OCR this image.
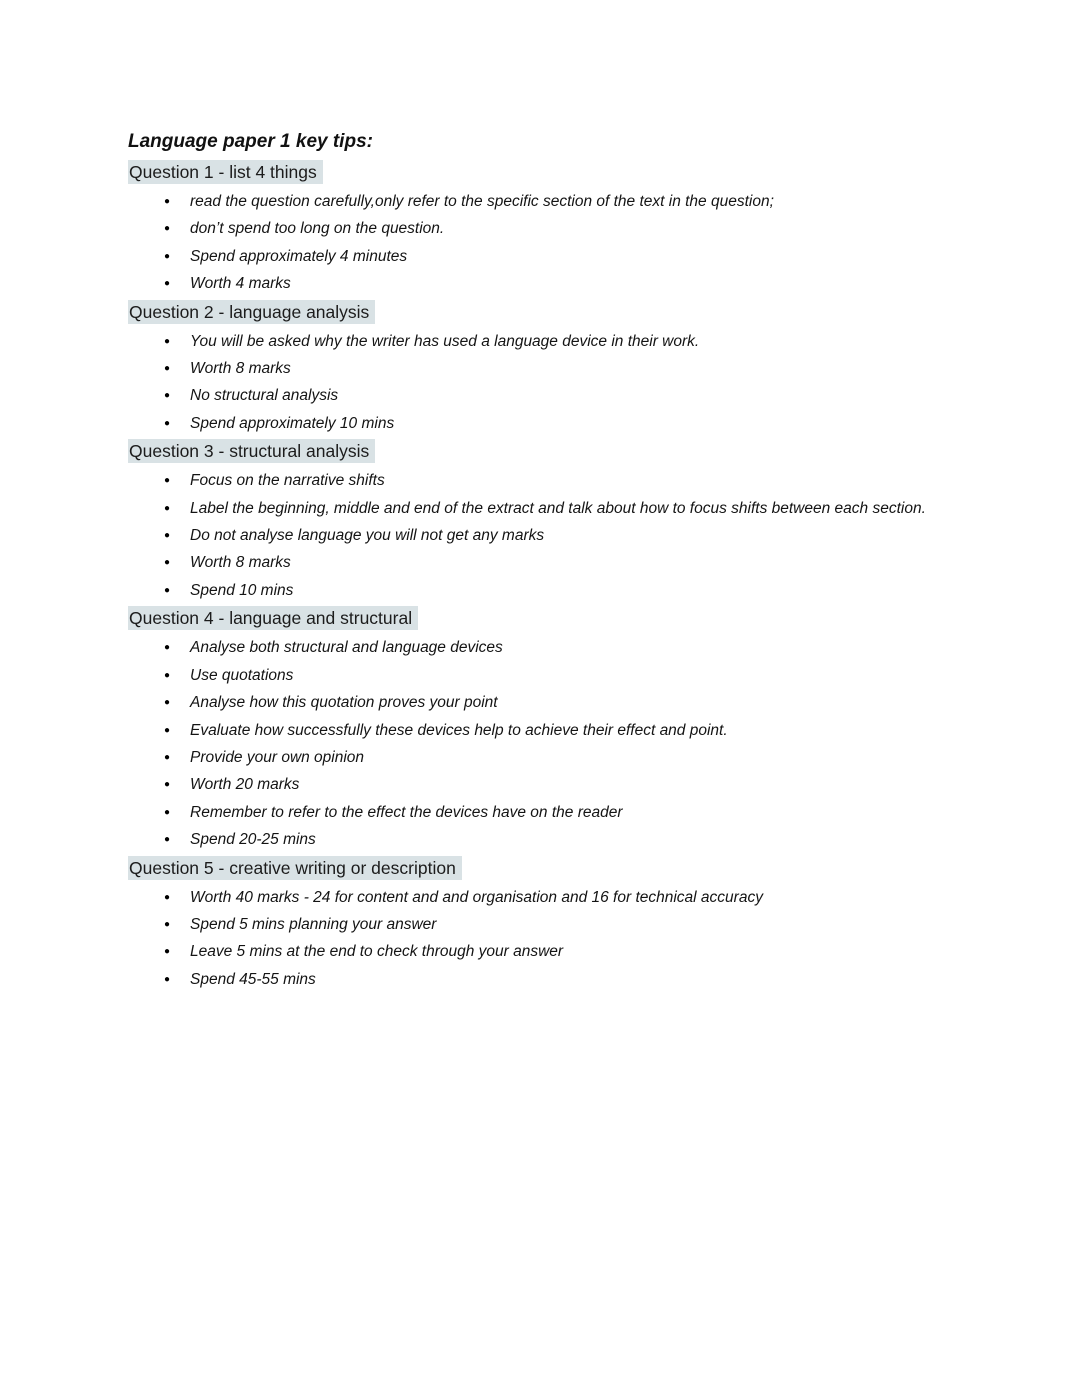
Language paper 1 key tips:
Question 1 - list 4 things
● read the question carefully,only refer to the specific section of the text in the question;
● don’t spend too long on the question.
● Spend approximately 4 minutes
● Worth 4 marks
Question 2 - language analysis
● You will be asked why the writer has used a language device in their work.
● Worth 8 marks
● No structural analysis
● Spend approximately 10 mins
Question 3 - structural analysis
● Focus on the narrative shifts
● Label the beginning, middle and end of the extract and talk about how to focus shifts between each section.
● Do not analyse language you will not get any marks
● Worth 8 marks
● Spend 10 mins
Question 4 - language and structural
● Analyse both structural and language devices
● Use quotations
● Analyse how this quotation proves your point
● Evaluate how successfully these devices help to achieve their effect and point.
● Provide your own opinion
● Worth 20 marks
● Remember to refer to the effect the devices have on the reader
● Spend 20-25 mins
Question 5 - creative writing or description
● Worth 40 marks - 24 for content and and organisation and 16 for technical accuracy
● Spend 5 mins planning your answer
● Leave 5 mins at the end to check through your answer
● Spend 45-55 mins
